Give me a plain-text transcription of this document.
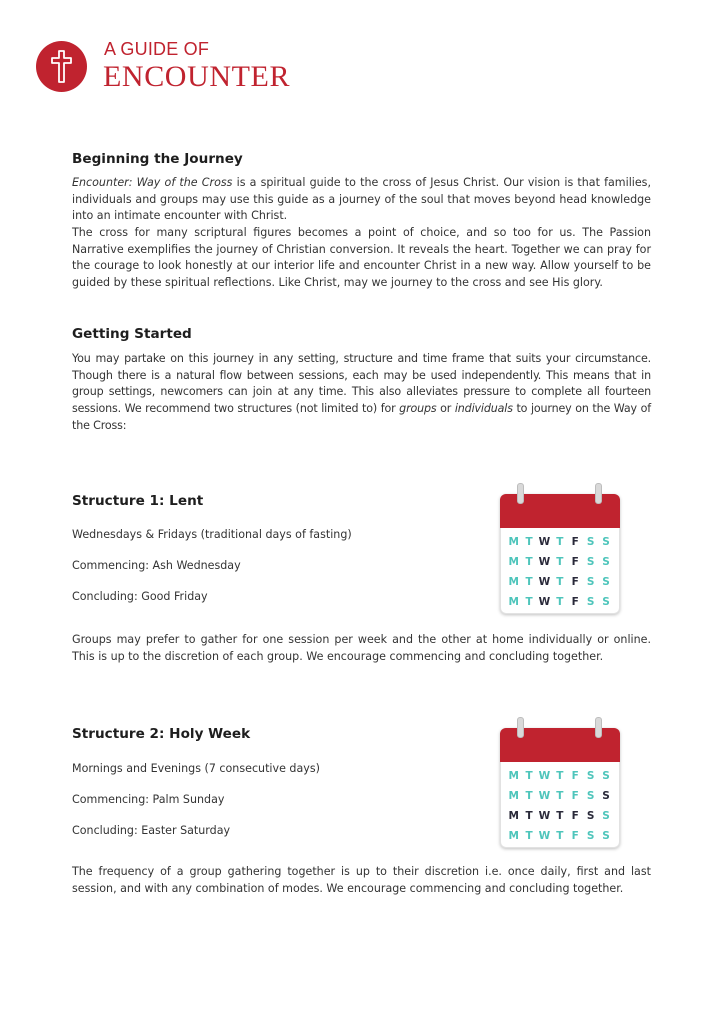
A GUIDE OF
ENCOUNTER
Beginning the Journey
Encounter: Way of the Cross is a spiritual guide to the cross of Jesus Christ. Our vision is that families, individuals and groups may use this guide as a journey of the soul that moves beyond head knowledge into an intimate encounter with Christ.
The cross for many scriptural figures becomes a point of choice, and so too for us. The Passion Narrative exemplifies the journey of Christian conversion. It reveals the heart. Together we can pray for the courage to look honestly at our interior life and encounter Christ in a new way. Allow yourself to be guided by these spiritual reflections. Like Christ, may we journey to the cross and see His glory.
Getting Started
You may partake on this journey in any setting, structure and time frame that suits your circumstance. Though there is a natural flow between sessions, each may be used independently. This means that in group settings, newcomers can join at any time. This also alleviates pressure to complete all fourteen sessions. We recommend two structures (not limited to) for groups or individuals to journey on the Way of the Cross:
Structure 1: Lent
Wednesdays & Fridays (traditional days of fasting)
Commencing: Ash Wednesday
Concluding: Good Friday
Groups may prefer to gather for one session per week and the other at home individually or online. This is up to the discretion of each group. We encourage commencing and concluding together.
M T W T F S S
M T W T F S S
M T W T F S S
M T W T F S S
Structure 2: Holy Week
Mornings and Evenings (7 consecutive days)
Commencing: Palm Sunday
Concluding: Easter Saturday
The frequency of a group gathering together is up to their discretion i.e. once daily, first and last session, and with any combination of modes. We encourage commencing and concluding together.
M T W T F S S
M T W T F S S
M T W T F S S
M T W T F S S
